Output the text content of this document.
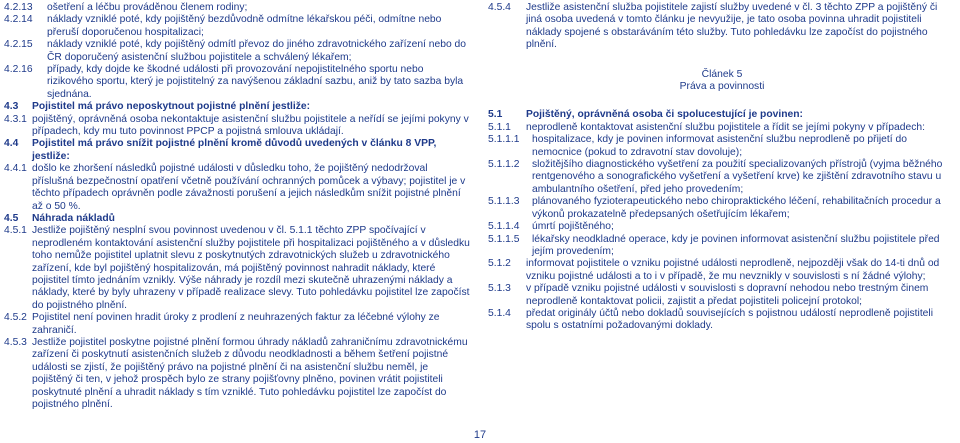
4.2.13	ošetření a léčbu prováděnou členem rodiny;
4.2.14	náklady vzniklé poté, kdy pojištěný bezdůvodně odmítne lékařskou péči, odmítne nebo přeruší doporučenou hospitalizaci;
4.2.15	náklady vzniklé poté, kdy pojištěný odmítl převoz do jiného zdravotnického zařízení nebo do ČR doporučený asistenční službou pojistitele a schválený lékařem;
4.2.16	případy, kdy dojde ke škodné události při provozování nepojistitelného sportu nebo rizikového sportu, který je pojistitelný za navýšenou základní sazbu, aniž by tato sazba byla sjednána.
4.3	Pojistitel má právo neposkytnout pojistné plnění jestliže:
4.3.1 pojištěný, oprávněná osoba nekontaktuje asistenční službu pojistitele a neřídí se jejími pokyny v případech, kdy mu tuto povinnost PPCP a pojistná smlouva ukládají.
4.4	Pojistitel má právo snížit pojistné plnění kromě důvodů uvedených v článku 8 VPP, jestliže:
4.4.1 došlo ke zhoršení následků pojistné události v důsledku toho, že pojištěný nedodržoval příslušná bezpečnostní opatření včetně používání ochranných pomůcek a výbavy; pojistitel je v těchto případech oprávněn podle závažnosti porušení a jejich následkům snížit pojistné plnění až o 50 %.
4.5	Náhrada nákladů
4.5.1 Jestliže pojištěný nesplní svou povinnost uvedenou v čl. 5.1.1 těchto ZPP spočívající v neprodleném kontaktování asistenční služby pojistitele při hospitalizaci pojištěného a v důsledku toho nemůže pojistitel uplatnit slevu z poskytnutých zdravotnických služeb u zdravotnického zařízení, kde byl pojištěný hospitalizován, má pojištěný povinnost nahradit náklady, které pojistitel tímto jednáním vznikly. Výše náhrady je rozdíl mezi skutečně uhrazenými náklady a náklady, které by byly uhrazeny v případě realizace slevy. Tuto pohledávku pojistitel lze započíst do pojistného plnění.
4.5.2 Pojistitel není povinen hradit úroky z prodlení z neuhrazených faktur za léčebné výlohy ze zahraničí.
4.5.3 Jestliže pojistitel poskytne pojistné plnění formou úhrady nákladů zahraničnímu zdravotnickému zařízení či poskytnutí asistenčních služeb z důvodu neodkladnosti a během šetření pojistné události se zjistí, že pojištěný právo na pojistné plnění či na asistenční službu neměl, je pojištěný či ten, v jehož prospěch bylo ze strany pojišťovny plněno, povinen vrátit pojistiteli poskytnuté plnění a uhradit náklady s tím vzniklé. Tuto pohledávku pojistitel lze započíst do pojistného plnění.
4.5.4	Jestliže asistenční služba pojistitele zajistí služby uvedené v čl. 3 těchto ZPP a pojištěný či jiná osoba uvedená v tomto článku je nevyužije, je tato osoba povinna uhradit pojistiteli náklady spojené s obstaráváním této služby. Tuto pohledávku lze započíst do pojistného plnění.
Článek 5
Práva a povinnosti
5.1	Pojištěný, oprávněná osoba či spolucestující je povinen:
5.1.1	neprodleně kontaktovat asistenční službu pojistitele a řídit se jejími pokyny v případech:
5.1.1.1	hospitalizace, kdy je povinen informovat asistenční službu neprodleně po přijetí do nemocnice (pokud to zdravotní stav dovoluje);
5.1.1.2	složitějšího diagnostického vyšetření za použití specializovaných přístrojů (vyjma běžného rentgenového a sonografického vyšetření a vyšetření krve) ke zjištění zdravotního stavu u ambulantního ošetření, před jeho provedením;
5.1.1.3	plánovaného fyzioterapeutického nebo chiropraktického léčení, rehabilitačních procedur a výkonů prokazatelně předepsaných ošetřujícím lékařem;
5.1.1.4	úmrtí pojištěného;
5.1.1.5	lékařsky neodkladné operace, kdy je povinen informovat asistenční službu pojistitele před jejím provedením;
5.1.2	informovat pojistitele o vzniku pojistné události neprodleně, nejpozději však do 14-ti dnů od vzniku pojistné události a to i v případě, že mu nevznikly v souvislosti s ní žádné výlohy;
5.1.3	v případě vzniku pojistné události v souvislosti s dopravní nehodou nebo trestným činem neprodleně kontaktovat policii, zajistit a předat pojistiteli policejní protokol;
5.1.4	předat originály účtů nebo dokladů souvisejících s pojistnou událostí neprodleně pojistiteli spolu s ostatními požadovanými doklady.
17
